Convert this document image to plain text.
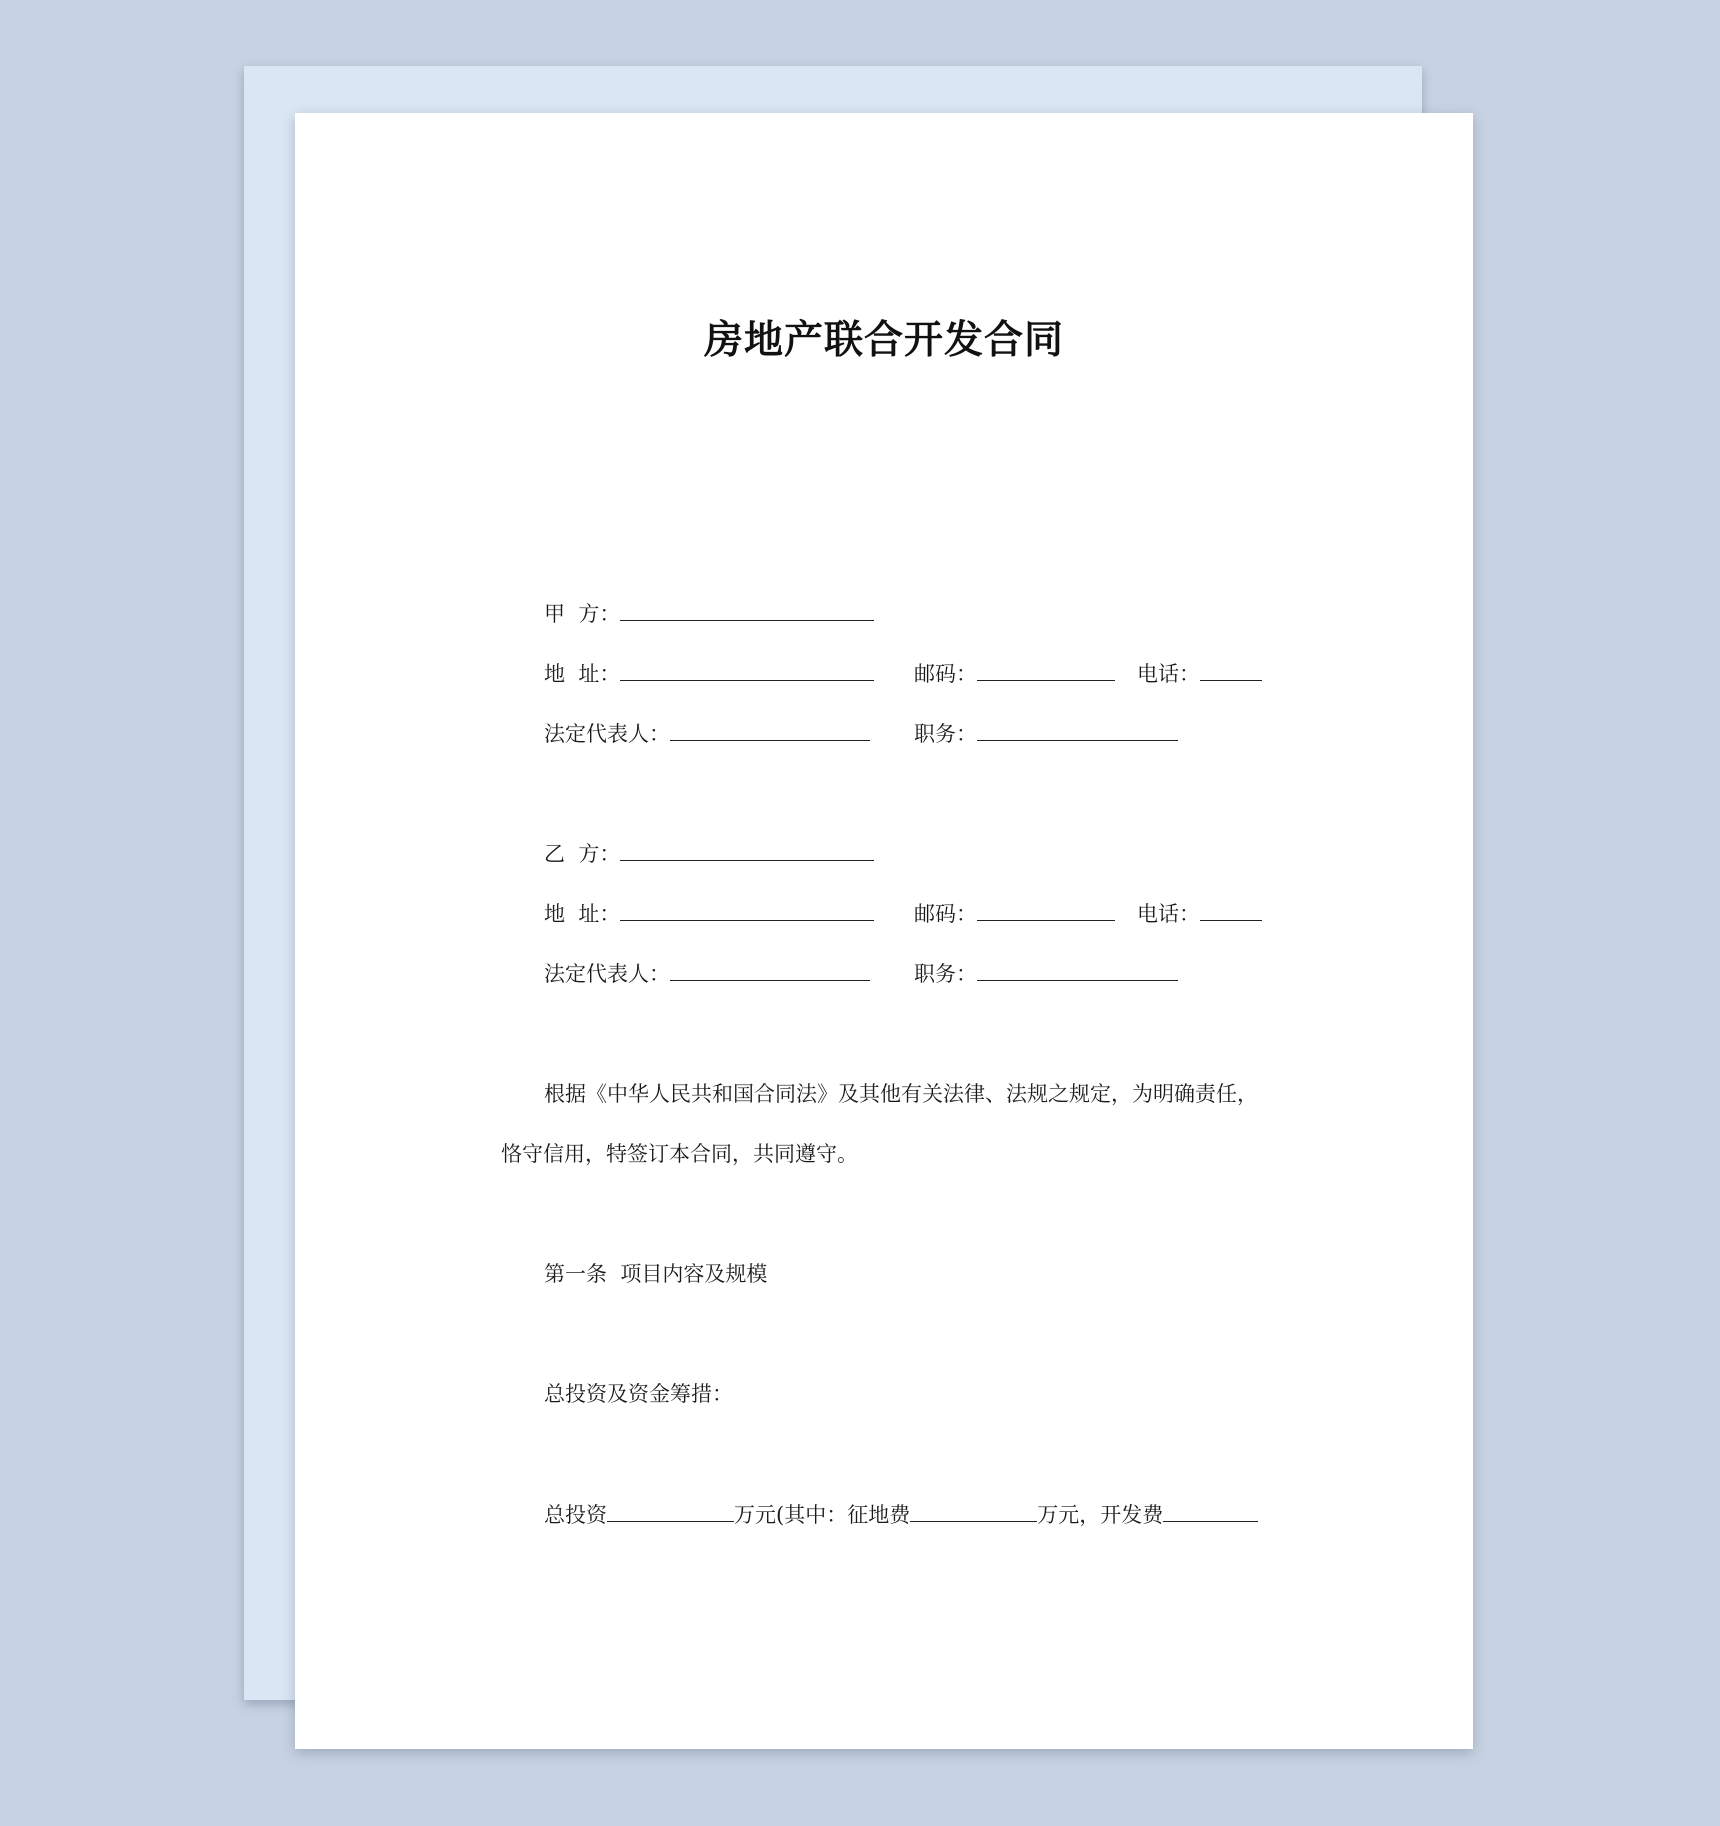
房地产联合开发合同
甲  方：
地  址：	邮码：	电话：
法定代表人：	职务：
乙  方：
地  址：	邮码：	电话：
法定代表人：	职务：
根据《中华人民共和国合同法》及其他有关法律、法规之规定，为明确责任，
恪守信用，特签订本合同，共同遵守。
第一条  项目内容及规模
总投资及资金筹措：
总投资	万元(其中：征地费	万元，开发费
